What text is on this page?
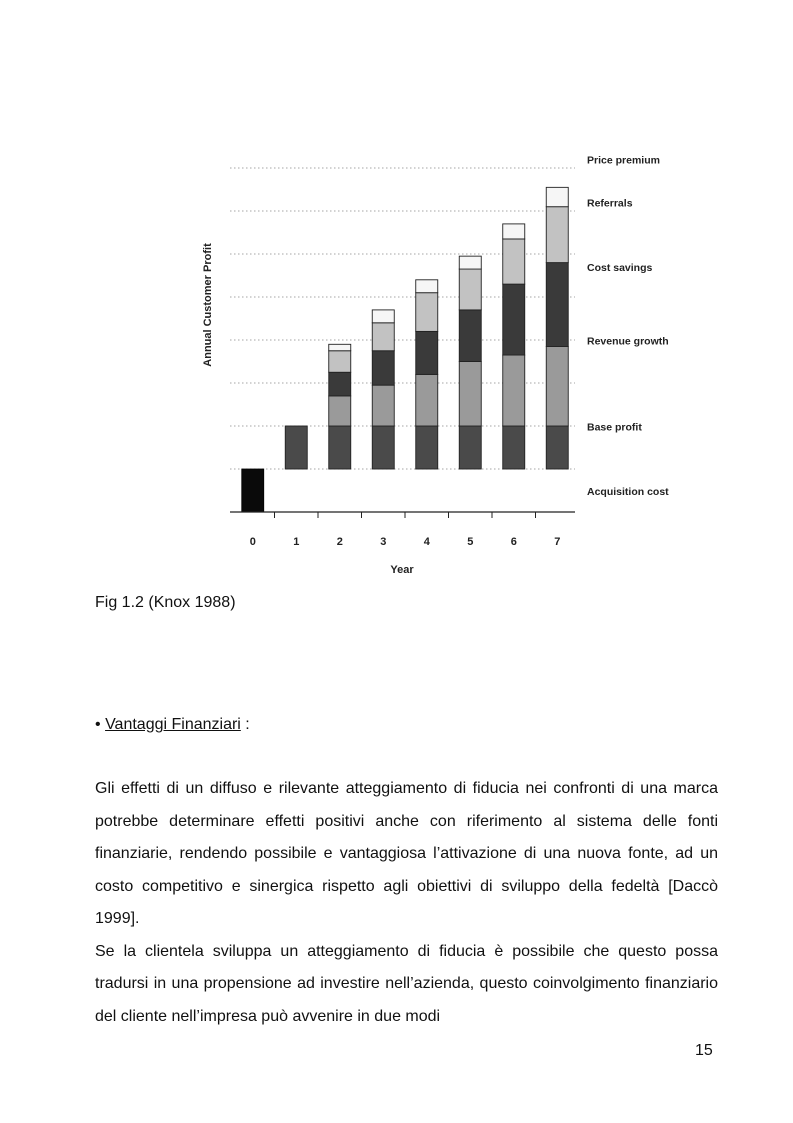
0	1	2	3	4	5	6	7
Price premium
Referrals
Cost savings
Revenue growth
Base profit
Acquisition cost
Annual Customer Profit
Year
Fig 1.2 (Knox 1988)
• Vantaggi Finanziari :

Gli effetti di un diffuso e rilevante atteggiamento di fiducia nei confronti di una marca potrebbe determinare effetti positivi anche con riferimento al sistema delle fonti finanziarie, rendendo possibile e vantaggiosa l’attivazione di una nuova fonte, ad un costo competitivo e sinergica rispetto agli obiettivi di sviluppo della fedeltà [Daccò 1999].

Se la clientela sviluppa un atteggiamento di fiducia è possibile che questo possa tradursi in una propensione ad investire nell’azienda, questo coinvolgimento finanziario del cliente nell’impresa può avvenire in due modi

15
